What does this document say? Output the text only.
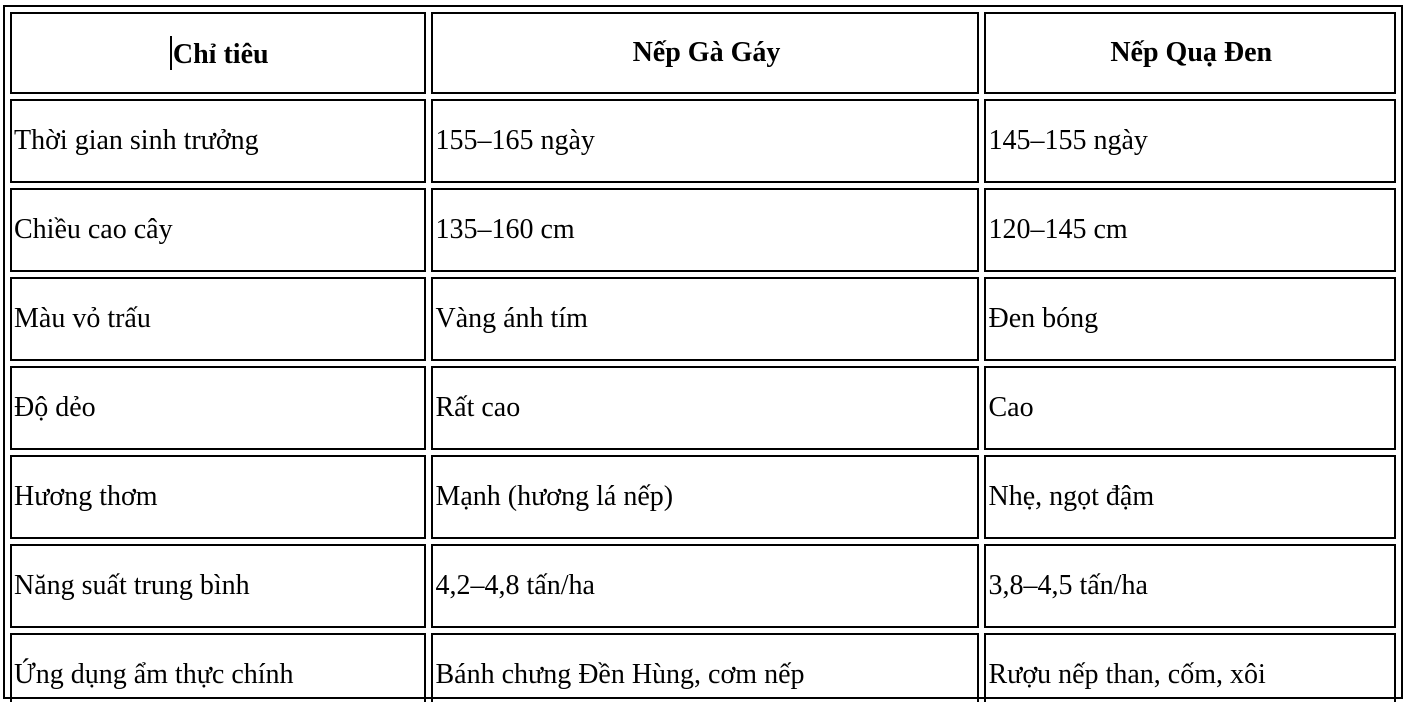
Chỉ tiêu	Nếp Gà Gáy	Nếp Quạ Đen
Thời gian sinh trưởng	155–165 ngày	145–155 ngày
Chiều cao cây	135–160 cm	120–145 cm
Màu vỏ trấu	Vàng ánh tím	Đen bóng
Độ dẻo	Rất cao	Cao
Hương thơm	Mạnh (hương lá nếp)	Nhẹ, ngọt đậm
Năng suất trung bình	4,2–4,8 tấn/ha	3,8–4,5 tấn/ha
Ứng dụng ẩm thực chính	Bánh chưng Đền Hùng, cơm nếp	Rượu nếp than, cốm, xôi
